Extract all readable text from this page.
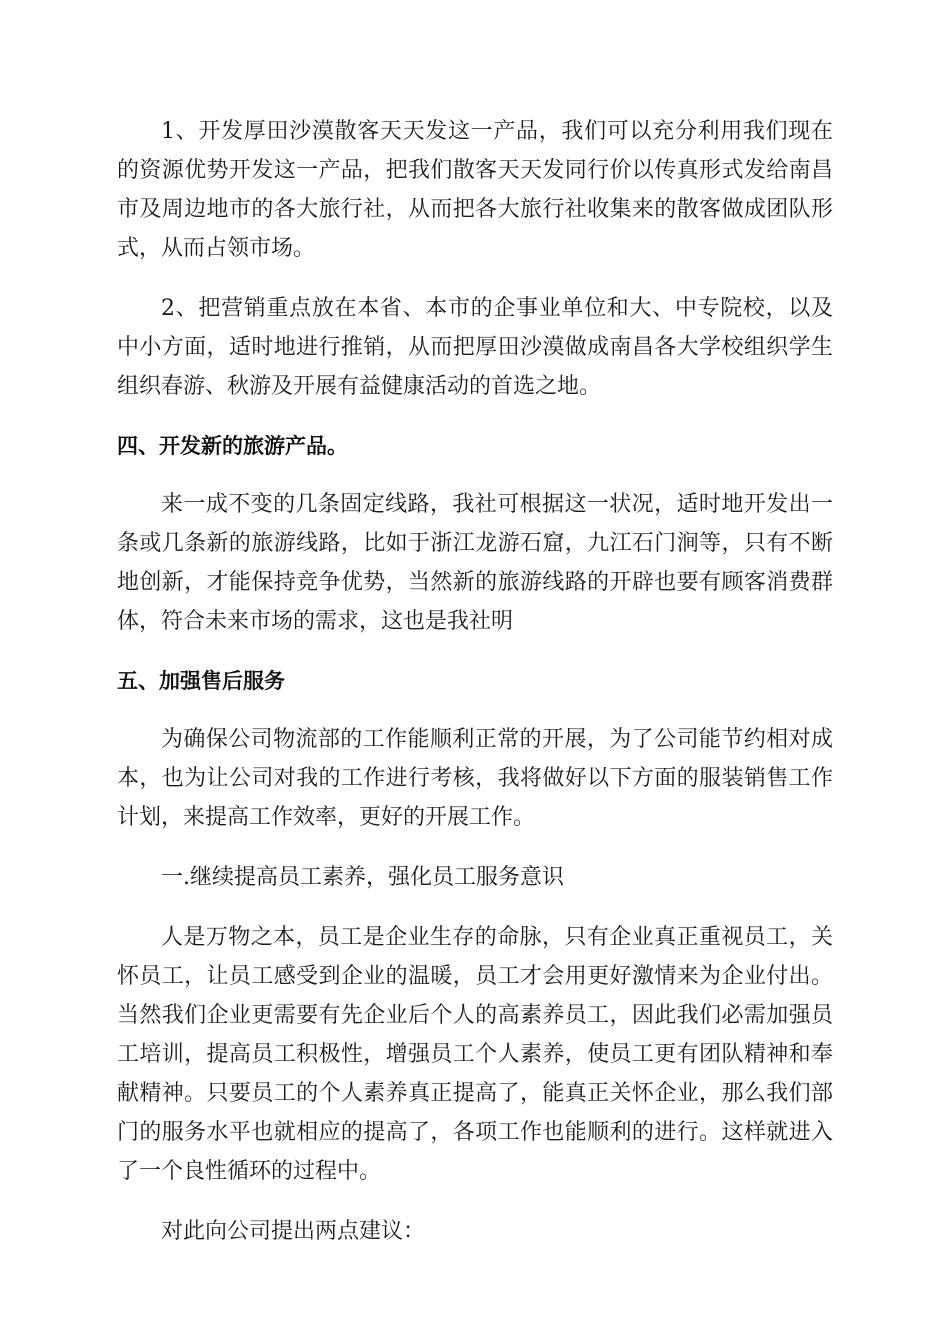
1、开发厚田沙漠散客天天发这一产品，我们可以充分利用我们现在的资源优势开发这一产品，把我们散客天天发同行价以传真形式发给南昌市及周边地市的各大旅行社，从而把各大旅行社收集来的散客做成团队形式，从而占领市场。

2、把营销重点放在本省、本市的企事业单位和大、中专院校，以及中小方面，适时地进行推销，从而把厚田沙漠做成南昌各大学校组织学生组织春游、秋游及开展有益健康活动的首选之地。

四、开发新的旅游产品。

来一成不变的几条固定线路，我社可根据这一状况，适时地开发出一条或几条新的旅游线路，比如于浙江龙游石窟，九江石门涧等，只有不断地创新，才能保持竞争优势，当然新的旅游线路的开辟也要有顾客消费群体，符合未来市场的需求，这也是我社明

五、加强售后服务

为确保公司物流部的工作能顺利正常的开展，为了公司能节约相对成本，也为让公司对我的工作进行考核，我将做好以下方面的服装销售工作计划，来提高工作效率，更好的开展工作。

一.继续提高员工素养，强化员工服务意识

人是万物之本，员工是企业生存的命脉，只有企业真正重视员工，关怀员工，让员工感受到企业的温暖，员工才会用更好激情来为企业付出。当然我们企业更需要有先企业后个人的高素养员工，因此我们必需加强员工培训，提高员工积极性，增强员工个人素养，使员工更有团队精神和奉献精神。只要员工的个人素养真正提高了，能真正关怀企业，那么我们部门的服务水平也就相应的提高了，各项工作也能顺利的进行。这样就进入了一个良性循环的过程中。

对此向公司提出两点建议：
